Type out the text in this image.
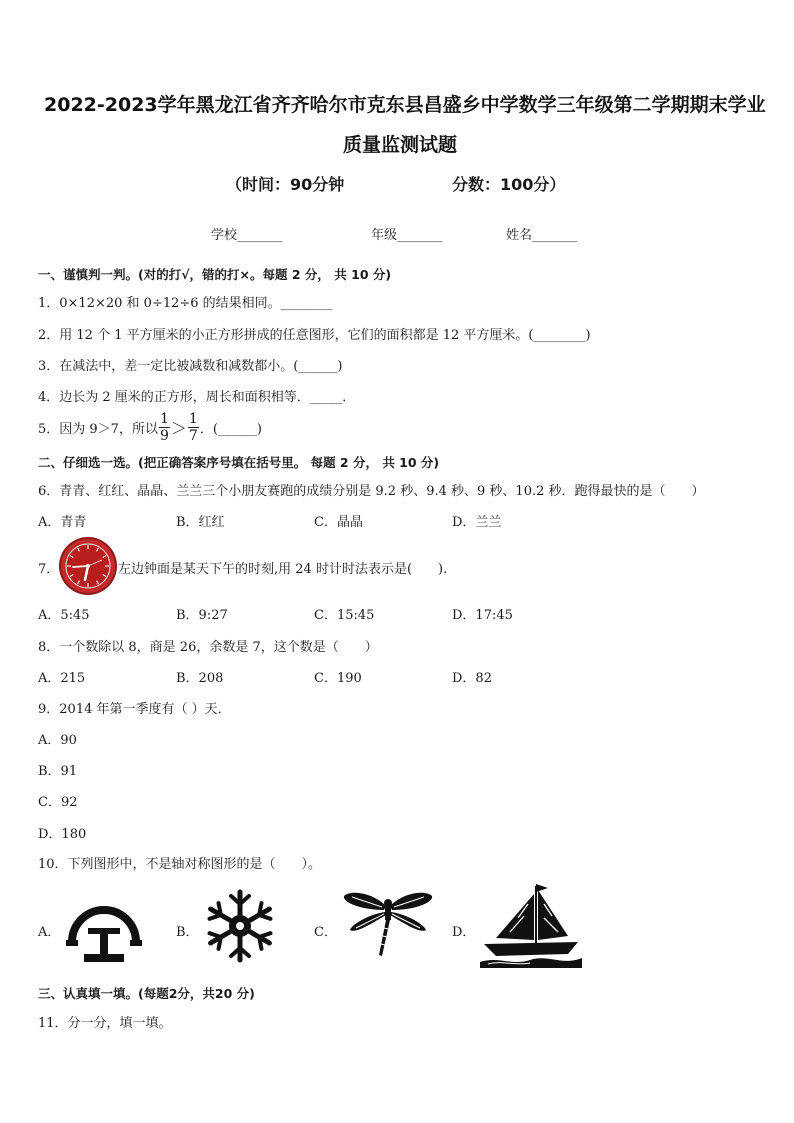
2022-2023学年黑龙江省齐齐哈尔市克东县昌盛乡中学数学三年级第二学期期末学业
质量监测试题
（时间：90分钟	分数：100分）
学校_______	年级_______	姓名_______
一、谨慎判一判。(对的打√，错的打×。每题 2 分， 共 10 分)
1．0×12×20 和 0÷12÷6 的结果相同。________
2．用 12 个 1 平方厘米的小正方形拼成的任意图形，它们的面积都是 12 平方厘米。(________)
3．在减法中，差一定比被减数和减数都小。(______)
4．边长为 2 厘米的正方形，周长和面积相等．_____．
5．因为 9＞7，所以 $\frac{1}{9} > \frac{1}{7}$ ．(______)
二、仔细选一选。(把正确答案序号填在括号里。 每题 2 分， 共 10 分)
6．青青、红红、晶晶、兰兰三个小朋友赛跑的成绩分别是 9.2 秒、9.4 秒、9 秒、10.2 秒．跑得最快的是（　　）
A．青青	B．红红	C．晶晶	D．兰兰
7．	左边钟面是某天下午的时刻,用 24 时计时法表示是(　　).
A．5:45	B．9:27	C．15:45	D．17:45
8．一个数除以 8，商是 26，余数是 7，这个数是（　　）
A．215	B．208	C．190	D．82
9．2014 年第一季度有（ ）天．
A．90
B．91
C．92
D．180
10．下列图形中，不是轴对称图形的是（　　）。
A．	B．	C．	D．
三、认真填一填。(每题2分，共20 分)
11．分一分，填一填。
